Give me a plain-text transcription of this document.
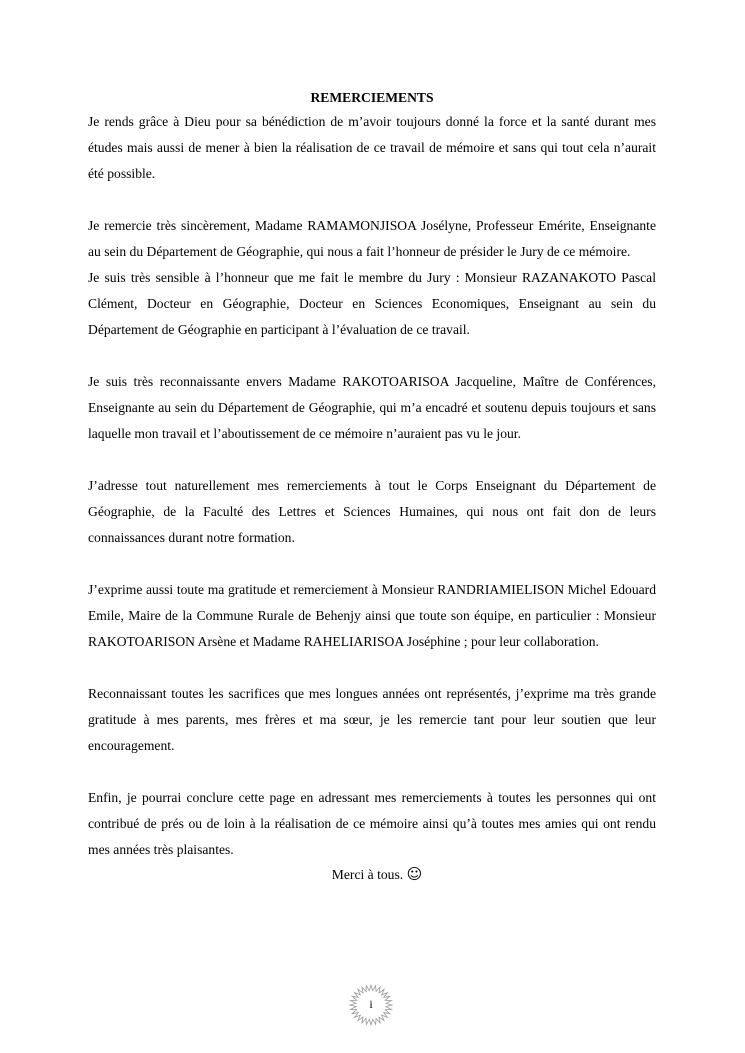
REMERCIEMENTS

Je rends grâce à Dieu pour sa bénédiction de m’avoir toujours donné la force et la santé durant mes études mais aussi de mener à bien la réalisation de ce travail de mémoire et sans qui tout cela n’aurait été possible.

Je remercie très sincèrement, Madame RAMAMONJISOA Josélyne, Professeur Emérite, Enseignante au sein du Département de Géographie, qui nous a fait l’honneur de présider le Jury de ce mémoire.

Je suis très sensible à l’honneur que me fait le membre du Jury : Monsieur RAZANAKOTO Pascal Clément, Docteur en Géographie, Docteur en Sciences Economiques, Enseignant au sein du Département de Géographie en participant à l’évaluation de ce travail.

Je suis très reconnaissante envers Madame RAKOTOARISOA Jacqueline, Maître de Conférences, Enseignante au sein du Département de Géographie, qui m’a encadré et soutenu depuis toujours et sans laquelle mon travail et l’aboutissement de ce mémoire n’auraient pas vu le jour.

J’adresse tout naturellement mes remerciements à tout le Corps Enseignant du Département de Géographie, de la Faculté des Lettres et Sciences Humaines, qui nous ont fait don de leurs connaissances durant notre formation.

J’exprime aussi toute ma gratitude et remerciement à Monsieur RANDRIAMIELISON Michel Edouard Emile, Maire de la Commune Rurale de Behenjy ainsi que toute son équipe, en particulier : Monsieur RAKOTOARISON Arsène et Madame RAHELIARISOA Joséphine ; pour leur collaboration.

Reconnaissant toutes les sacrifices que mes longues années ont représentés, j’exprime ma très grande gratitude à mes parents, mes frères et ma sœur, je les remercie tant pour leur soutien que leur encouragement.

Enfin, je pourrai conclure cette page en adressant mes remerciements à toutes les personnes qui ont contribué de prés ou de loin à la réalisation de ce mémoire ainsi qu’à toutes mes amies qui ont rendu mes années très plaisantes.

Merci à tous. ☺

i
